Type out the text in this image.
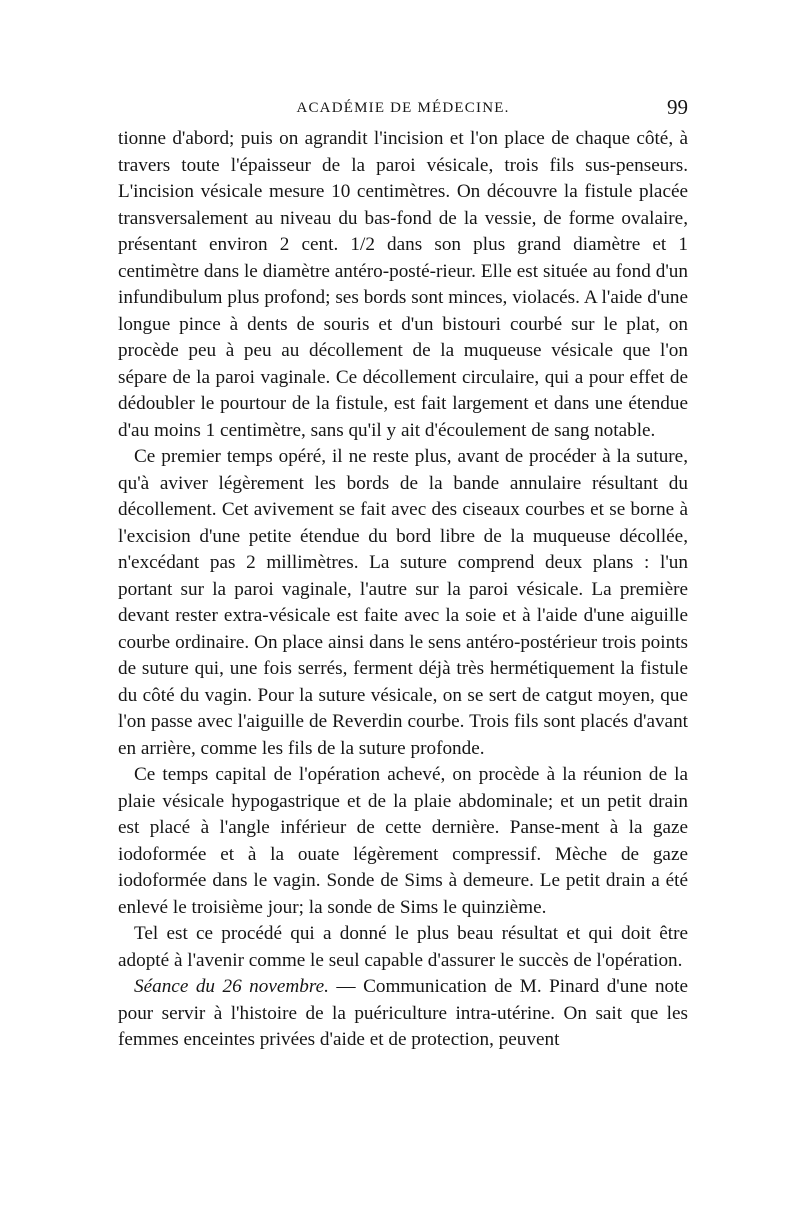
ACADÉMIE DE MÉDECINE.	99

tionne d'abord; puis on agrandit l'incision et l'on place de chaque côté, à travers toute l'épaisseur de la paroi vésicale, trois fils sus-penseurs. L'incision vésicale mesure 10 centimètres. On découvre la fistule placée transversalement au niveau du bas-fond de la vessie, de forme ovalaire, présentant environ 2 cent. 1/2 dans son plus grand diamètre et 1 centimètre dans le diamètre antéro-posté-rieur. Elle est située au fond d'un infundibulum plus profond; ses bords sont minces, violacés. A l'aide d'une longue pince à dents de souris et d'un bistouri courbé sur le plat, on procède peu à peu au décollement de la muqueuse vésicale que l'on sépare de la paroi vaginale. Ce décollement circulaire, qui a pour effet de dédoubler le pourtour de la fistule, est fait largement et dans une étendue d'au moins 1 centimètre, sans qu'il y ait d'écoulement de sang notable.

Ce premier temps opéré, il ne reste plus, avant de procéder à la suture, qu'à aviver légèrement les bords de la bande annulaire résultant du décollement. Cet avivement se fait avec des ciseaux courbes et se borne à l'excision d'une petite étendue du bord libre de la muqueuse décollée, n'excédant pas 2 millimètres. La suture comprend deux plans : l'un portant sur la paroi vaginale, l'autre sur la paroi vésicale. La première devant rester extra-vésicale est faite avec la soie et à l'aide d'une aiguille courbe ordinaire. On place ainsi dans le sens antéro-postérieur trois points de suture qui, une fois serrés, ferment déjà très hermétiquement la fistule du côté du vagin. Pour la suture vésicale, on se sert de catgut moyen, que l'on passe avec l'aiguille de Reverdin courbe. Trois fils sont placés d'avant en arrière, comme les fils de la suture profonde.

Ce temps capital de l'opération achevé, on procède à la réunion de la plaie vésicale hypogastrique et de la plaie abdominale; et un petit drain est placé à l'angle inférieur de cette dernière. Panse-ment à la gaze iodoformée et à la ouate légèrement compressif. Mèche de gaze iodoformée dans le vagin. Sonde de Sims à demeure. Le petit drain a été enlevé le troisième jour; la sonde de Sims le quinzième.

Tel est ce procédé qui a donné le plus beau résultat et qui doit être adopté à l'avenir comme le seul capable d'assurer le succès de l'opération.

Séance du 26 novembre. — Communication de M. Pinard d'une note pour servir à l'histoire de la puériculture intra-utérine. On sait que les femmes enceintes privées d'aide et de protection, peuvent
